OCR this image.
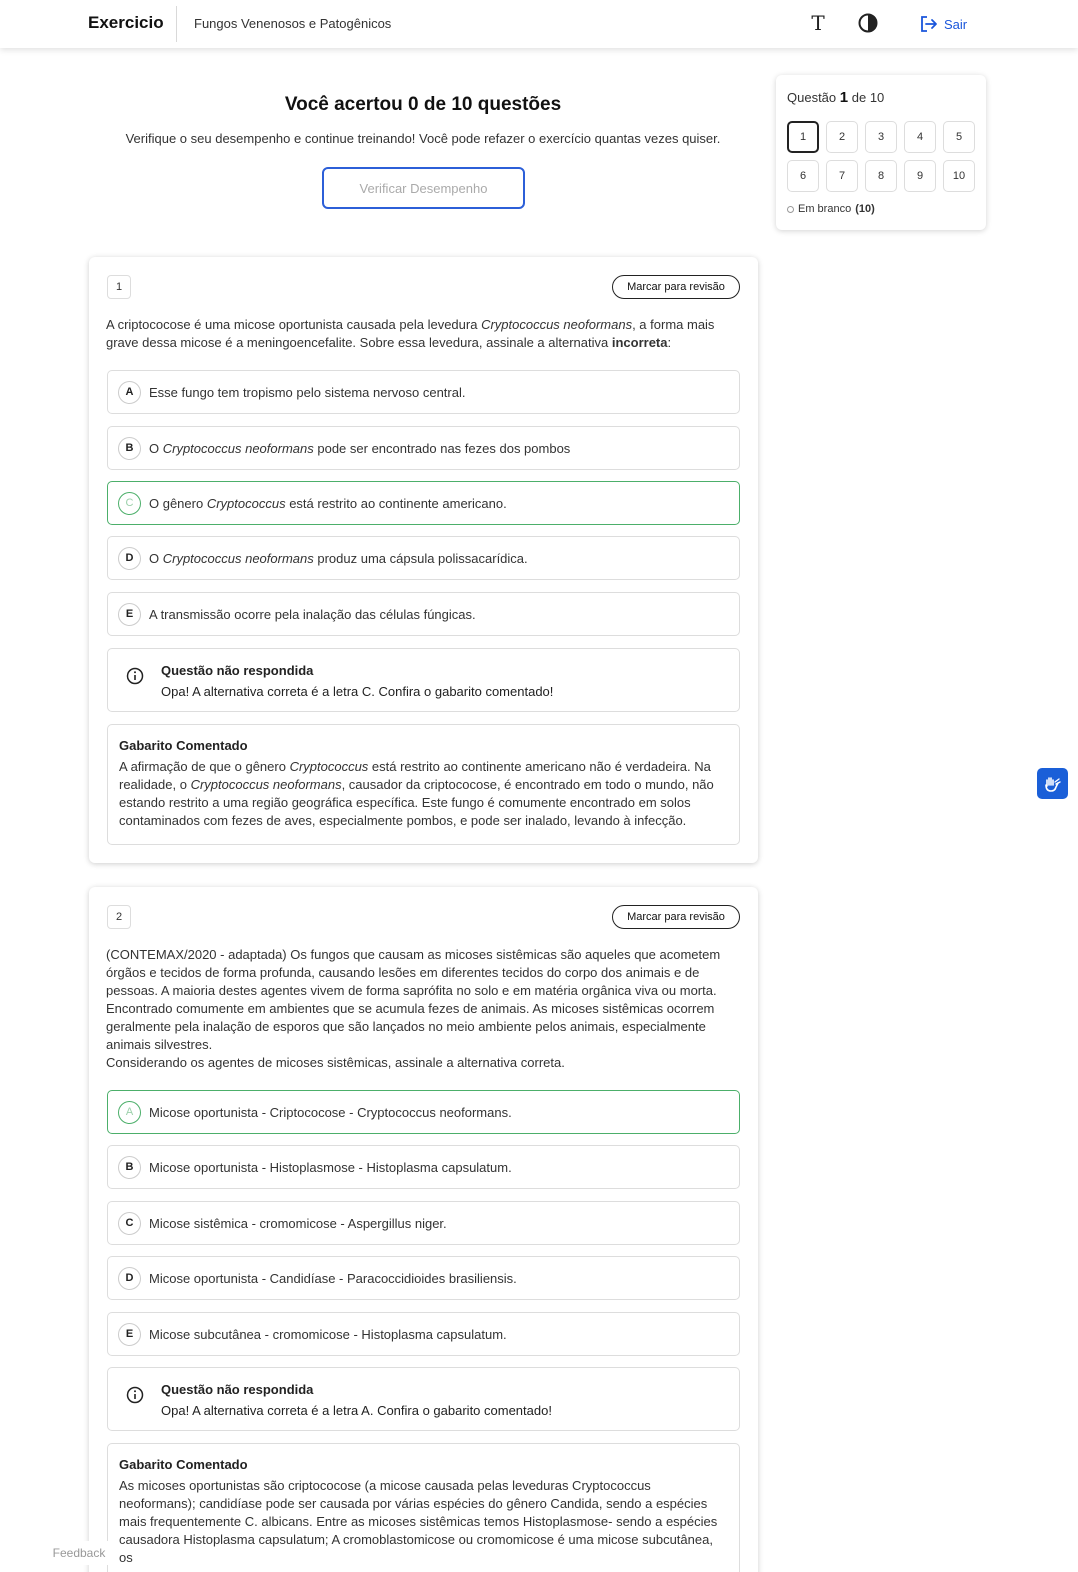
Exercicio Fungos Venenosos e Patogênicos	T	Sair
Você acertou 0 de 10 questões
Verifique o seu desempenho e continue treinando! Você pode refazer o exercício quantas vezes quiser.
Verificar Desempenho
Questão 1 de 10
1	2	3	4	5
6	7	8	9	10
Em branco (10)
1	Marcar para revisão
A criptococose é uma micose oportunista causada pela levedura Cryptococcus neoformans, a forma mais grave dessa micose é a meningoencefalite. Sobre essa levedura, assinale a alternativa incorreta:
A	Esse fungo tem tropismo pelo sistema nervoso central.
B	O Cryptococcus neoformans pode ser encontrado nas fezes dos pombos
C	O gênero Cryptococcus está restrito ao continente americano.
D	O Cryptococcus neoformans produz uma cápsula polissacarídica.
E	A transmissão ocorre pela inalação das células fúngicas.
Questão não respondida
Opa! A alternativa correta é a letra C. Confira o gabarito comentado!
Gabarito Comentado
A afirmação de que o gênero Cryptococcus está restrito ao continente americano não é verdadeira. Na realidade, o Cryptococcus neoformans, causador da criptococose, é encontrado em todo o mundo, não estando restrito a uma região geográfica específica. Este fungo é comumente encontrado em solos contaminados com fezes de aves, especialmente pombos, e pode ser inalado, levando à infecção.
2	Marcar para revisão

(CONTEMAX/2020 - adaptada) Os fungos que causam as micoses sistêmicas são aqueles que acometem órgãos e tecidos de forma profunda, causando lesões em diferentes tecidos do corpo dos animais e de pessoas. A maioria destes agentes vivem de forma saprófita no solo e em matéria orgânica viva ou morta. Encontrado comumente em ambientes que se acumula fezes de animais. As micoses sistêmicas ocorrem geralmente pela inalação de esporos que são lançados no meio ambiente pelos animais, especialmente animais silvestres.

Considerando os agentes de micoses sistêmicas, assinale a alternativa correta.

A	Micose oportunista - Criptococose - Cryptococcus neoformans.
B	Micose oportunista - Histoplasmose - Histoplasma capsulatum.
C	Micose sistêmica - cromomicose - Aspergillus niger.
D	Micose oportunista - Candidíase - Paracoccidioides brasiliensis.
E	Micose subcutânea - cromomicose - Histoplasma capsulatum.
Questão não respondida
Opa! A alternativa correta é a letra A. Confira o gabarito comentado!
Gabarito Comentado
As micoses oportunistas são criptococose (a micose causada pelas leveduras Cryptococcus neoformans); candidíase pode ser causada por várias espécies do gênero Candida, sendo a espécies mais frequentemente C. albicans. Entre as micoses sistêmicas temos Histoplasmose- sendo a espécies causadora Histoplasma capsulatum; A cromoblastomicose ou cromomicose é uma micose subcutânea, os
Feedback
